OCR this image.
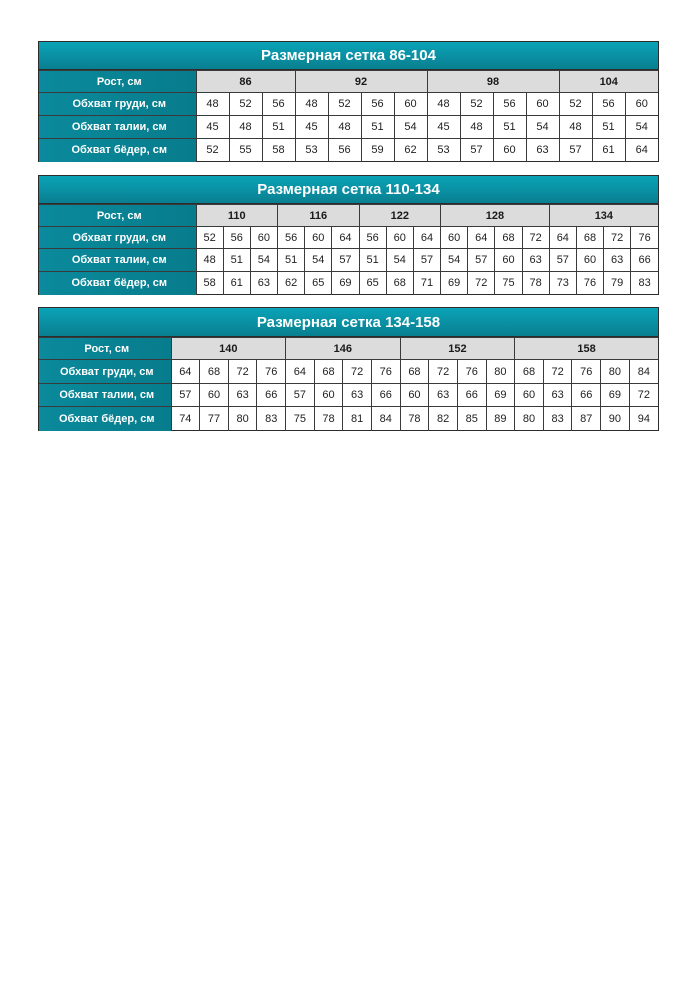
Размерная сетка 86-104
Рост, см	86			92				98				104		
Обхват груди, см	48	52	56	48	52	56	60	48	52	56	60	52	56	60
Обхват талии, см	45	48	51	45	48	51	54	45	48	51	54	48	51	54
Обхват бёдер, см	52	55	58	53	56	59	62	53	57	60	63	57	61	64
Размерная сетка 110-134
Рост, см	110			116			122			128				134			
Обхват груди, см	52	56	60	56	60	64	56	60	64	60	64	68	72	64	68	72	76
Обхват талии, см	48	51	54	51	54	57	51	54	57	54	57	60	63	57	60	63	66
Обхват бёдер, см	58	61	63	62	65	69	65	68	71	69	72	75	78	73	76	79	83
Размерная сетка 134-158
Рост, см	140				146				152				158				
Обхват груди, см	64	68	72	76	64	68	72	76	68	72	76	80	68	72	76	80	84
Обхват талии, см	57	60	63	66	57	60	63	66	60	63	66	69	60	63	66	69	72
Обхват бёдер, см	74	77	80	83	75	78	81	84	78	82	85	89	80	83	87	90	94
